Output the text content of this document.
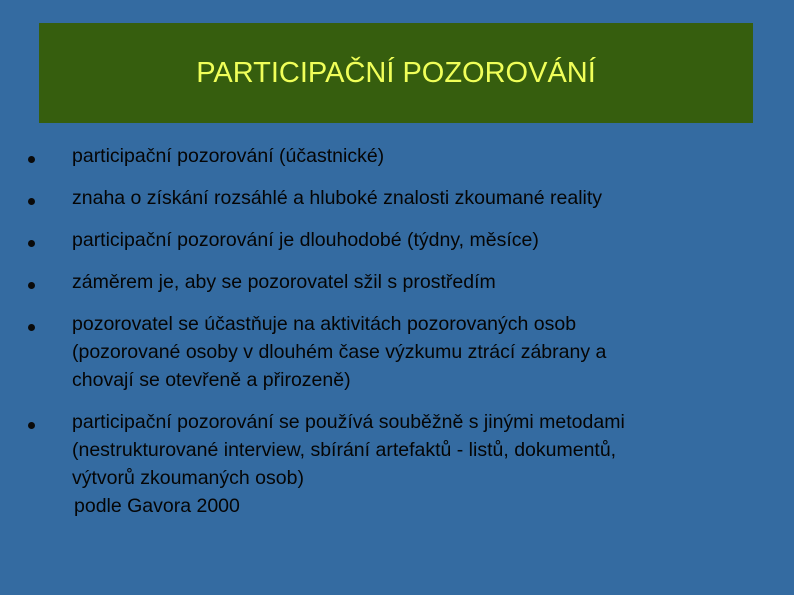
PARTICIPAČNÍ POZOROVÁNÍ
participační pozorování (účastnické)
znaha o získání rozsáhlé a hluboké znalosti zkoumané reality
participační pozorování je dlouhodobé (týdny, měsíce)
záměrem je, aby se pozorovatel sžil s prostředím
pozorovatel se účastňuje na aktivitách pozorovaných osob
(pozorované osoby v dlouhém čase výzkumu ztrácí zábrany a
chovají se otevřeně a přirozeně)
participační pozorování se používá souběžně s jinými metodami
(nestrukturované interview, sbírání artefaktů - listů, dokumentů,
výtvorů zkoumaných osob)
podle Gavora 2000
